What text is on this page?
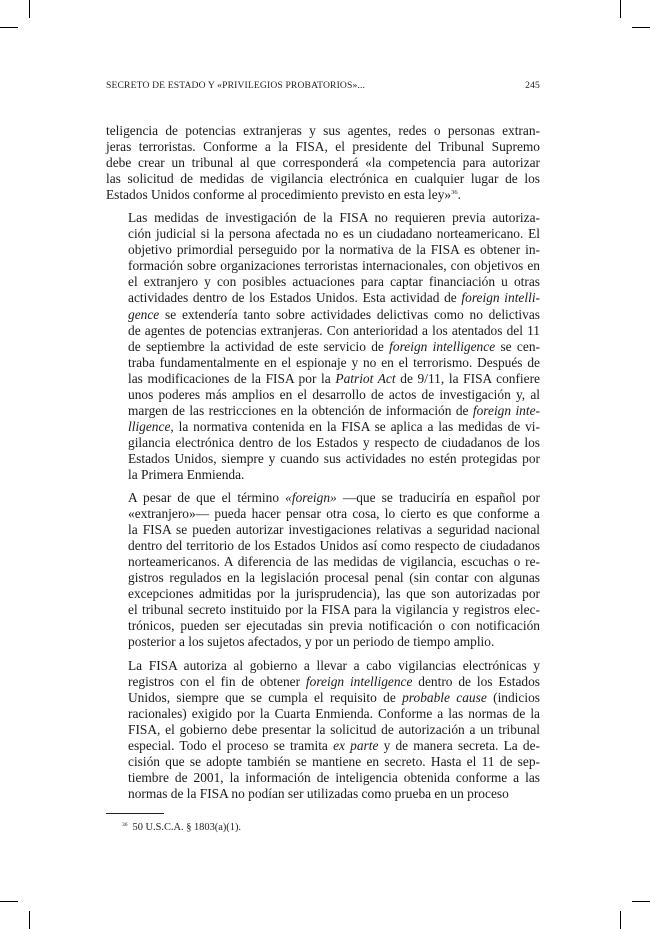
SECRETO DE ESTADO Y «PRIVILEGIOS PROBATORIOS»...	245

teligencia de potencias extranjeras y sus agentes, redes o personas extran-
jeras terroristas. Conforme a la FISA, el presidente del Tribunal Supremo
debe crear un tribunal al que corresponderá «la competencia para autorizar
las solicitud de medidas de vigilancia electrónica en cualquier lugar de los
Estados Unidos conforme al procedimiento previsto en esta ley»$^{36}$.

Las medidas de investigación de la FISA no requieren previa autoriza-
ción judicial si la persona afectada no es un ciudadano norteamericano. El
objetivo primordial perseguido por la normativa de la FISA es obtener in-
formación sobre organizaciones terroristas internacionales, con objetivos en
el extranjero y con posibles actuaciones para captar financiación u otras
actividades dentro de los Estados Unidos. Esta actividad de foreign intelli-
gence se extendería tanto sobre actividades delictivas como no delictivas
de agentes de potencias extranjeras. Con anterioridad a los atentados del 11
de septiembre la actividad de este servicio de foreign intelligence se cen-
traba fundamentalmente en el espionaje y no en el terrorismo. Después de
las modificaciones de la FISA por la Patriot Act de 9/11, la FISA confiere
unos poderes más amplios en el desarrollo de actos de investigación y, al
margen de las restricciones en la obtención de información de foreign inte-
lligence, la normativa contenida en la FISA se aplica a las medidas de vi-
gilancia electrónica dentro de los Estados y respecto de ciudadanos de los
Estados Unidos, siempre y cuando sus actividades no estén protegidas por
la Primera Enmienda.

A pesar de que el término «foreign» —que se traduciría en español por
«extranjero»— pueda hacer pensar otra cosa, lo cierto es que conforme a
la FISA se pueden autorizar investigaciones relativas a seguridad nacional
dentro del territorio de los Estados Unidos así como respecto de ciudadanos
norteamericanos. A diferencia de las medidas de vigilancia, escuchas o re-
gistros regulados en la legislación procesal penal (sin contar con algunas
excepciones admitidas por la jurisprudencia), las que son autorizadas por
el tribunal secreto instituido por la FISA para la vigilancia y registros elec-
trónicos, pueden ser ejecutadas sin previa notificación o con notificación
posterior a los sujetos afectados, y por un periodo de tiempo amplio.

La FISA autoriza al gobierno a llevar a cabo vigilancias electrónicas y
registros con el fin de obtener foreign intelligence dentro de los Estados
Unidos, siempre que se cumpla el requisito de probable cause (indicios
racionales) exigido por la Cuarta Enmienda. Conforme a las normas de la
FISA, el gobierno debe presentar la solicitud de autorización a un tribunal
especial. Todo el proceso se tramita ex parte y de manera secreta. La de-
cisión que se adopte también se mantiene en secreto. Hasta el 11 de sep-
tiembre de 2001, la información de inteligencia obtenida conforme a las
normas de la FISA no podían ser utilizadas como prueba en un proceso

$^{36}$ 50 U.S.C.A. § 1803(a)(1).
